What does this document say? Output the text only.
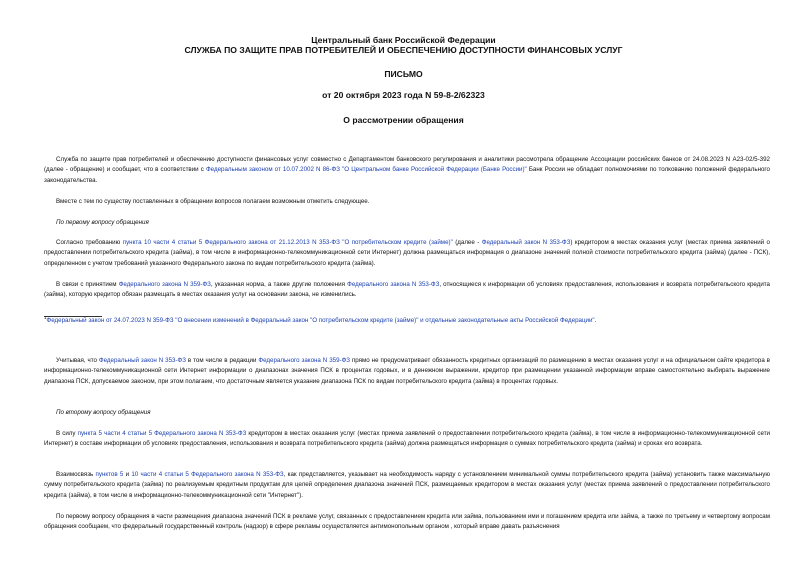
Центральный банк Российской Федерации
СЛУЖБА ПО ЗАЩИТЕ ПРАВ ПОТРЕБИТЕЛЕЙ И ОБЕСПЕЧЕНИЮ ДОСТУПНОСТИ ФИНАНСОВЫХ УСЛУГ
ПИСЬМО
от 20 октября 2023 года N 59-8-2/62323
О рассмотрении обращения

Служба по защите прав потребителей и обеспечению доступности финансовых услуг совместно с Департаментом банковского регулирования и аналитики рассмотрела обращение Ассоциации российских банков от 24.08.2023 N А23-02/5-392 (далее - обращение) и сообщает, что в соответствии с Федеральным законом от 10.07.2002 N 86-ФЗ "О Центральном банке Российской Федерации (Банке России)" Банк России не обладает полномочиями по толкованию положений федерального законодательства.

Вместе с тем по существу поставленных в обращении вопросов полагаем возможным отметить следующее.

По первому вопросу обращения

Согласно требованию пункта 10 части 4 статьи 5 Федерального закона от 21.12.2013 N 353-ФЗ "О потребительском кредите (займе)" (далее - Федеральный закон N 353-ФЗ) кредитором в местах оказания услуг (местах приема заявлений о предоставлении потребительского кредита (займа), в том числе в информационно-телекоммуникационной сети Интернет) должна размещаться информация о диапазоне значений полной стоимости потребительского кредита (займа) (далее - ПСК), определенном с учетом требований указанного Федерального закона по видам потребительского кредита (займа).

В связи с принятием Федерального закона N 359-ФЗ, указанная норма, а также другие положения Федерального закона N 353-ФЗ, относящиеся к информации об условиях предоставления, использования и возврата потребительского кредита (займа), которую кредитор обязан размещать в местах оказания услуг на основании закона, не изменились.

$^1$Федеральный закон от 24.07.2023 N 359-ФЗ "О внесении изменений в Федеральный закон "О потребительском кредите (займе)" и отдельные законодательные акты Российской Федерации".

Учитывая, что Федеральный закон N 353-ФЗ в том числе в редакции Федерального закона N 359-ФЗ прямо не предусматривает обязанность кредитных организаций по размещению в местах оказания услуг и на официальном сайте кредитора в информационно-телекоммуникационной сети Интернет информации о диапазонах значения ПСК в процентах годовых, и в денежном выражении, кредитор при размещении указанной информации вправе самостоятельно выбирать выражение диапазона ПСК, допускаемое законом, при этом полагаем, что достаточным является указание диапазона ПСК по видам потребительского кредита (займа) в процентах годовых.

По второму вопросу обращения

В силу пункта 5 части 4 статьи 5 Федерального закона N 353-ФЗ кредитором в местах оказания услуг (местах приема заявлений о предоставлении потребительского кредита (займа), в том числе в информационно-телекоммуникационной сети Интернет) в составе информации об условиях предоставления, использования и возврата потребительского кредита (займа) должна размещаться информация о суммах потребительского кредита (займа) и сроках его возврата.

Взаимосвязь пунктов 5 и 10 части 4 статьи 5 Федерального закона N 353-ФЗ, как представляется, указывает на необходимость наряду с установлением минимальной суммы потребительского кредита (займа) установить также максимальную сумму потребительского кредита (займа) по реализуемым кредитным продуктам для целей определения диапазона значений ПСК, размещаемых кредитором в местах оказания услуг (местах приема заявлений о предоставлении потребительского кредита (займа), в том числе в информационно-телекоммуникационной сети "Интернет").

По первому вопросу обращения в части размещения диапазона значений ПСК в рекламе услуг, связанных с предоставлением кредита или займа, пользованием ими и погашением кредита или займа, а также по третьему и четвертому вопросам обращения сообщаем, что федеральный государственный контроль (надзор) в сфере рекламы осуществляется антимонопольным органом , который вправе давать разъяснения
